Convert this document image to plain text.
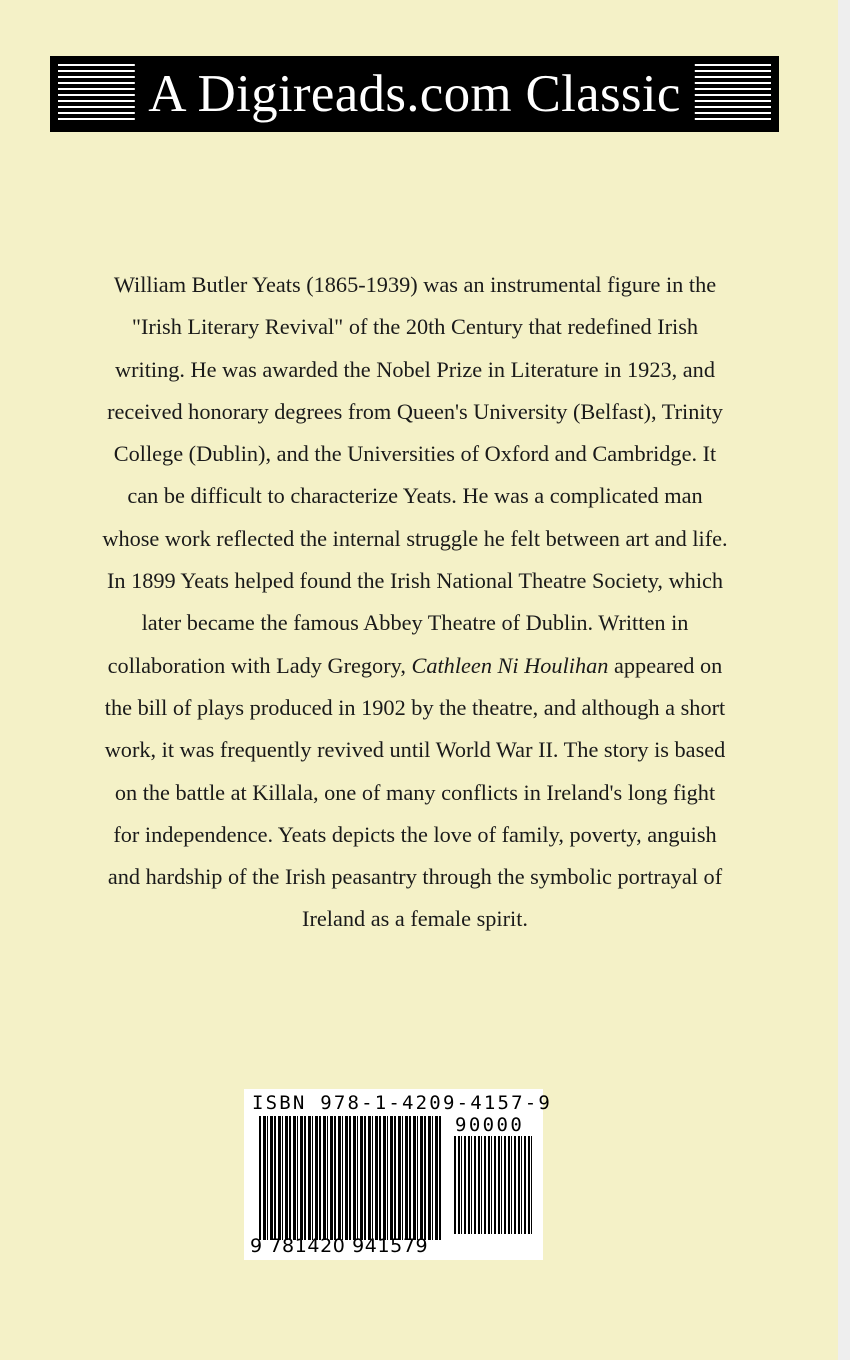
A Digireads.com Classic

William Butler Yeats (1865-1939) was an instrumental figure in the "Irish Literary Revival" of the 20th Century that redefined Irish writing. He was awarded the Nobel Prize in Literature in 1923, and received honorary degrees from Queen's University (Belfast), Trinity College (Dublin), and the Universities of Oxford and Cambridge. It can be difficult to characterize Yeats. He was a complicated man whose work reflected the internal struggle he felt between art and life. In 1899 Yeats helped found the Irish National Theatre Society, which later became the famous Abbey Theatre of Dublin. Written in collaboration with Lady Gregory, Cathleen Ni Houlihan appeared on the bill of plays produced in 1902 by the theatre, and although a short work, it was frequently revived until World War II. The story is based on the battle at Killala, one of many conflicts in Ireland's long fight for independence. Yeats depicts the love of family, poverty, anguish and hardship of the Irish peasantry through the symbolic portrayal of Ireland as a female spirit.

ISBN 978-1-4209-4157-9
90000
9 781420 941579
